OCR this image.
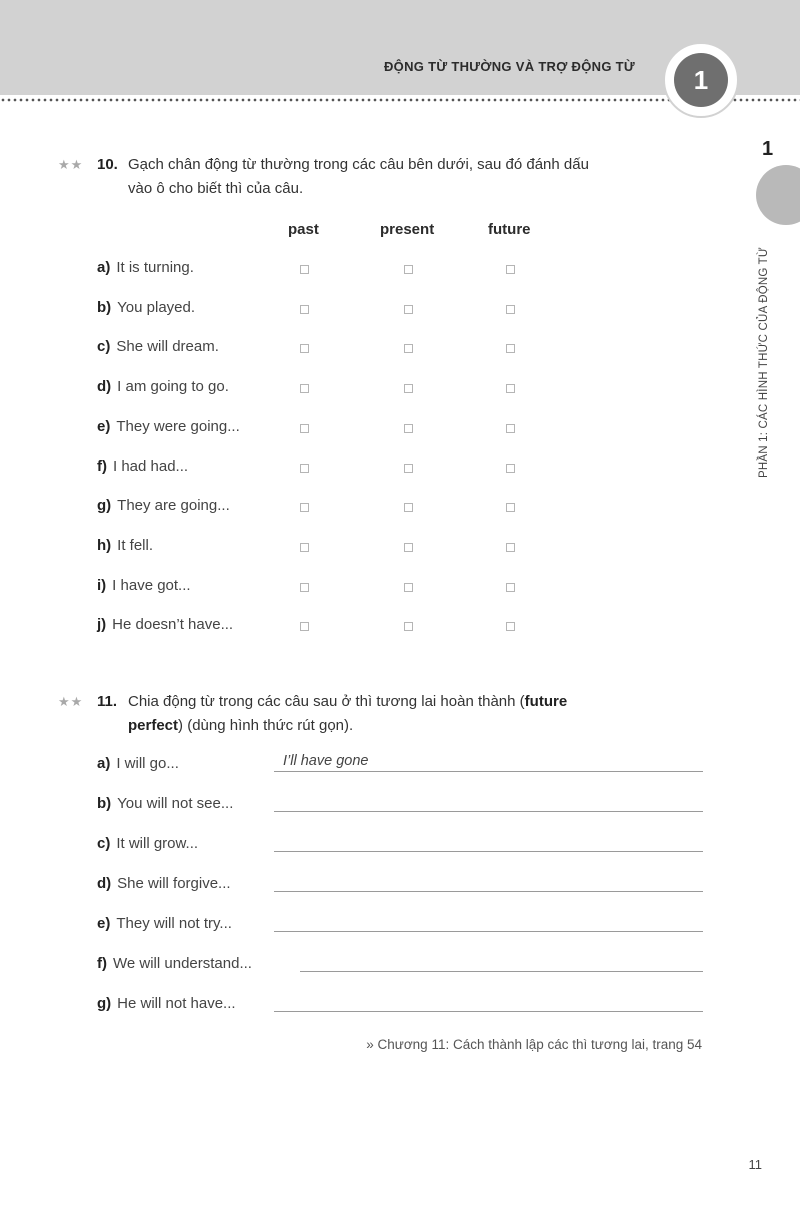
ĐỘNG TỪ THƯỜNG VÀ TRỢ ĐỘNG TỪ	1
1
PHẦN 1: CÁC HÌNH THỨC CỦA ĐỘNG TỪ
★★ 10. Gạch chân động từ thường trong các câu bên dưới, sau đó đánh dấu
vào ô cho biết thì của câu.
past	present	future
a) It is turning.
b) You played.
c) She will dream.
d) I am going to go.
e) They were going...
f) I had had...
g) They are going...
h) It fell.
i) I have got...
j) He doesn’t have...
★★ 11. Chia động từ trong các câu sau ở thì tương lai hoàn thành (future
perfect) (dùng hình thức rút gọn).
a) I will go...	I’ll have gone
b) You will not see...
c) It will grow...
d) She will forgive...
e) They will not try...
f) We will understand...
g) He will not have...
» Chương 11: Cách thành lập các thì tương lai, trang 54
11
